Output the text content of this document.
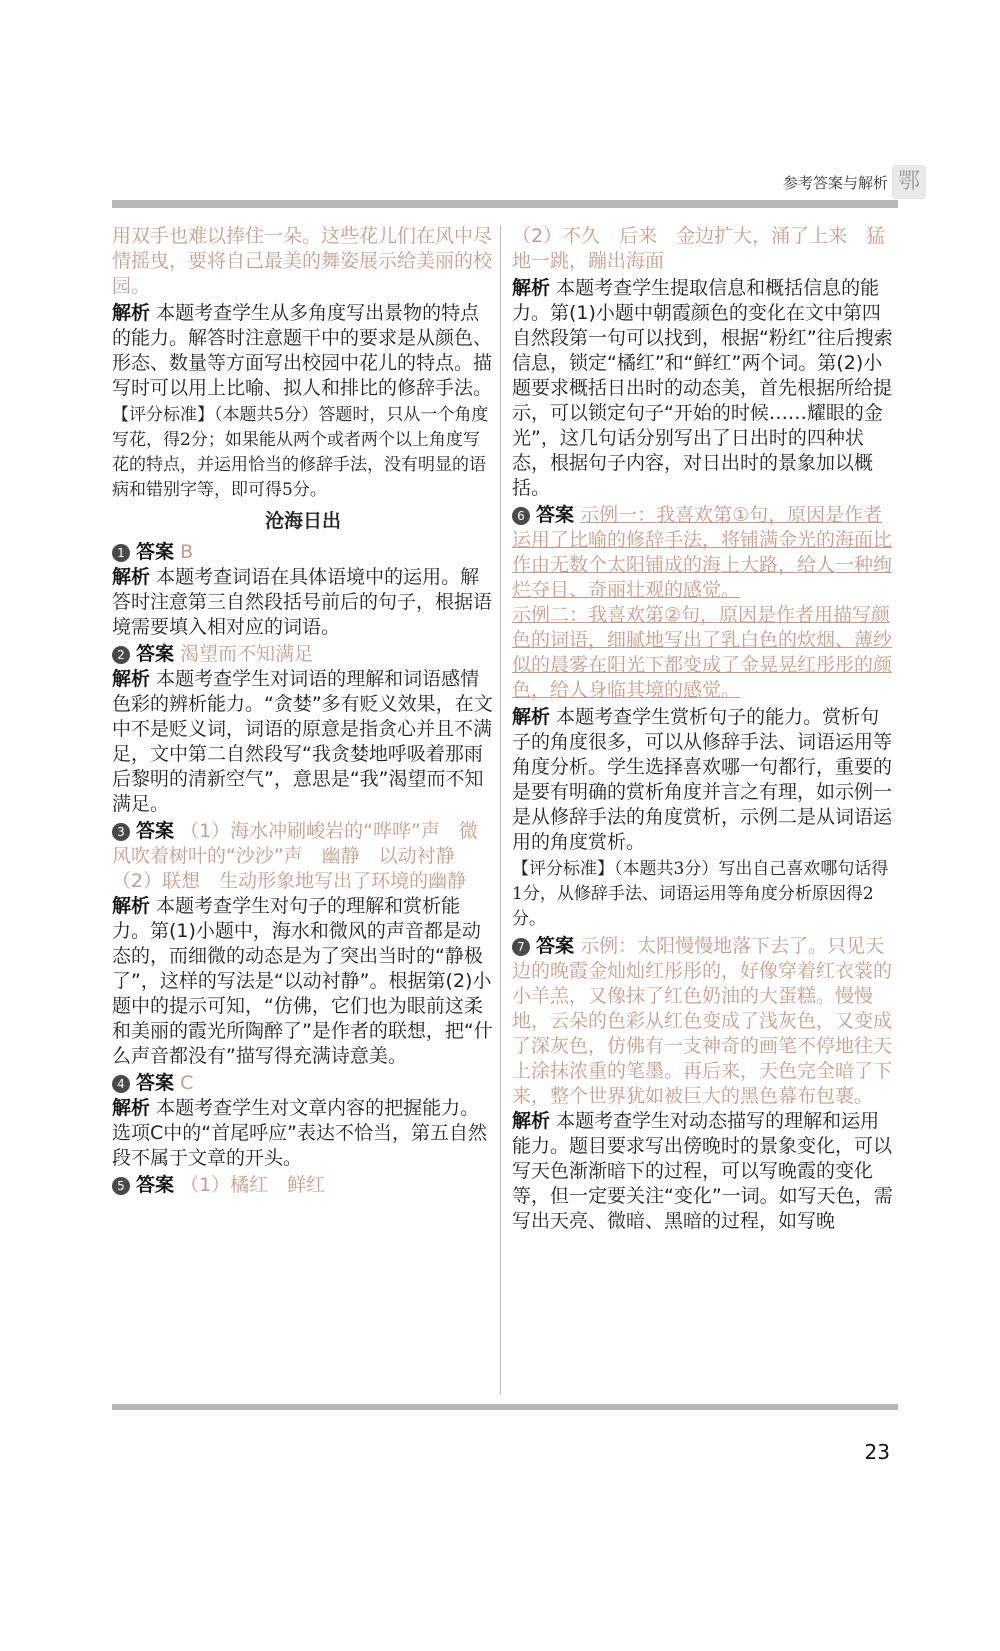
参考答案与解析 鄂

用双手也难以捧住一朵。这些花儿们在风中尽情摇曳，要将自己最美的舞姿展示给美丽的校园。

解析 本题考查学生从多角度写出景物的特点的能力。解答时注意题干中的要求是从颜色、形态、数量等方面写出校园中花儿的特点。描写时可以用上比喻、拟人和排比的修辞手法。

【评分标准】（本题共5分）答题时，只从一个角度写花，得2分；如果能从两个或者两个以上角度写花的特点，并运用恰当的修辞手法，没有明显的语病和错别字等，即可得5分。

沧海日出

1 答案 B

解析 本题考查词语在具体语境中的运用。解答时注意第三自然段括号前后的句子，根据语境需要填入相对应的词语。

2 答案 渴望而不知满足

解析 本题考查学生对词语的理解和词语感情色彩的辨析能力。“贪婪”多有贬义效果，在文中不是贬义词，词语的原意是指贪心并且不满足，文中第二自然段写“我贪婪地呼吸着那雨后黎明的清新空气”，意思是“我”渴望而不知满足。

3 答案 （1）海水冲刷峻岩的“哗哗”声　微风吹着树叶的“沙沙”声　幽静　以动衬静

（2）联想　生动形象地写出了环境的幽静

解析 本题考查学生对句子的理解和赏析能力。第(1)小题中，海水和微风的声音都是动态的，而细微的动态是为了突出当时的“静极了”，这样的写法是“以动衬静”。根据第(2)小题中的提示可知，“仿佛，它们也为眼前这柔和美丽的霞光所陶醉了”是作者的联想，把“什么声音都没有”描写得充满诗意美。

4 答案 C

解析 本题考查学生对文章内容的把握能力。选项C中的“首尾呼应”表达不恰当，第五自然段不属于文章的开头。

5 答案 （1）橘红　鲜红

（2）不久　后来　金边扩大，涌了上来　猛地一跳，蹦出海面

解析 本题考查学生提取信息和概括信息的能力。第(1)小题中朝霞颜色的变化在文中第四自然段第一句可以找到，根据“粉红”往后搜索信息，锁定“橘红”和“鲜红”两个词。第(2)小题要求概括日出时的动态美，首先根据所给提示，可以锁定句子“开始的时候……耀眼的金光”，这几句话分别写出了日出时的四种状态，根据句子内容，对日出时的景象加以概括。

6 答案 示例一：我喜欢第①句，原因是作者运用了比喻的修辞手法，将铺满金光的海面比作由无数个太阳铺成的海上大路，给人一种绚烂夺目、奇丽壮观的感觉。

示例二：我喜欢第②句，原因是作者用描写颜色的词语，细腻地写出了乳白色的炊烟、薄纱似的晨雾在阳光下都变成了金晃晃红彤彤的颜色，给人身临其境的感觉。

解析 本题考查学生赏析句子的能力。赏析句子的角度很多，可以从修辞手法、词语运用等角度分析。学生选择喜欢哪一句都行，重要的是要有明确的赏析角度并言之有理，如示例一是从修辞手法的角度赏析，示例二是从词语运用的角度赏析。

【评分标准】（本题共3分）写出自己喜欢哪句话得1分，从修辞手法、词语运用等角度分析原因得2分。

7 答案 示例：太阳慢慢地落下去了。只见天边的晚霞金灿灿红彤彤的，好像穿着红衣裳的小羊羔，又像抹了红色奶油的大蛋糕。慢慢地，云朵的色彩从红色变成了浅灰色，又变成了深灰色，仿佛有一支神奇的画笔不停地往天上涂抹浓重的笔墨。再后来，天色完全暗了下来，整个世界犹如被巨大的黑色幕布包裹。

解析 本题考查学生对动态描写的理解和运用能力。题目要求写出傍晚时的景象变化，可以写天色渐渐暗下的过程，可以写晚霞的变化等，但一定要关注“变化”一词。如写天色，需写出天亮、微暗、黑暗的过程，如写晚

23
